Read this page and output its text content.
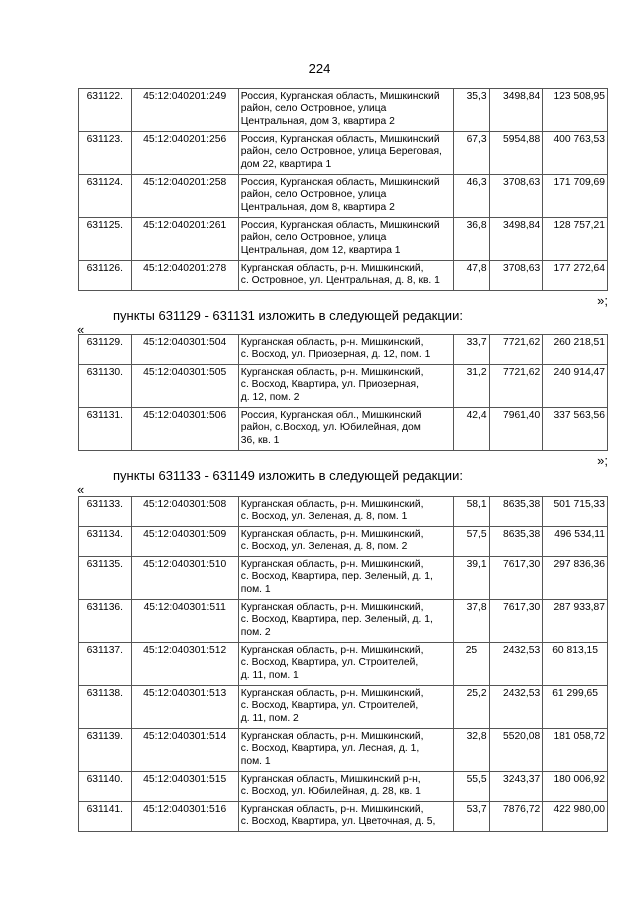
224
631122.	45:12:040201:249	Россия, Курганская область, Мишкинский
район, село Островное, улица
Центральная, дом 3, квартира 2	35,3	3498,84	123 508,95
631123.	45:12:040201:256	Россия, Курганская область, Мишкинский
район, село Островное, улица Береговая,
дом 22, квартира 1	67,3	5954,88	400 763,53
631124.	45:12:040201:258	Россия, Курганская область, Мишкинский
район, село Островное, улица
Центральная, дом 8, квартира 2	46,3	3708,63	171 709,69
631125.	45:12:040201:261	Россия, Курганская область, Мишкинский
район, село Островное, улица
Центральная, дом 12, квартира 1	36,8	3498,84	128 757,21
631126.	45:12:040201:278	Курганская область, р-н. Мишкинский,
с. Островное, ул. Центральная, д. 8, кв. 1	47,8	3708,63	177 272,64
»;
пункты 631129 - 631131 изложить в следующей редакции:
«
631129.	45:12:040301:504	Курганская область, р-н. Мишкинский,
с. Восход, ул. Приозерная, д. 12, пом. 1	33,7	7721,62	260 218,51
631130.	45:12:040301:505	Курганская область, р-н. Мишкинский,
с. Восход, Квартира, ул. Приозерная,
д. 12, пом. 2	31,2	7721,62	240 914,47
631131.	45:12:040301:506	Россия, Курганская обл., Мишкинский
район, с.Восход, ул. Юбилейная, дом
36, кв. 1	42,4	7961,40	337 563,56
»;
пункты 631133 - 631149 изложить в следующей редакции:
«
631133.	45:12:040301:508	Курганская область, р-н. Мишкинский,
с. Восход, ул. Зеленая, д. 8, пом. 1	58,1	8635,38	501 715,33
631134.	45:12:040301:509	Курганская область, р-н. Мишкинский,
с. Восход, ул. Зеленая, д. 8, пом. 2	57,5	8635,38	496 534,11
631135.	45:12:040301:510	Курганская область, р-н. Мишкинский,
с. Восход, Квартира, пер. Зеленый, д. 1,
пом. 1	39,1	7617,30	297 836,36
631136.	45:12:040301:511	Курганская область, р-н. Мишкинский,
с. Восход, Квартира, пер. Зеленый, д. 1,
пом. 2	37,8	7617,30	287 933,87
631137.	45:12:040301:512	Курганская область, р-н. Мишкинский,
с. Восход, Квартира, ул. Строителей,
д. 11, пом. 1	25	2432,53	60 813,15
631138.	45:12:040301:513	Курганская область, р-н. Мишкинский,
с. Восход, Квартира, ул. Строителей,
д. 11, пом. 2	25,2	2432,53	61 299,65
631139.	45:12:040301:514	Курганская область, р-н. Мишкинский,
с. Восход, Квартира, ул. Лесная, д. 1,
пом. 1	32,8	5520,08	181 058,72
631140.	45:12:040301:515	Курганская область, Мишкинский р-н,
с. Восход, ул. Юбилейная, д. 28, кв. 1	55,5	3243,37	180 006,92
631141.	45:12:040301:516	Курганская область, р-н. Мишкинский,
с. Восход, Квартира, ул. Цветочная, д. 5,	53,7	7876,72	422 980,00
